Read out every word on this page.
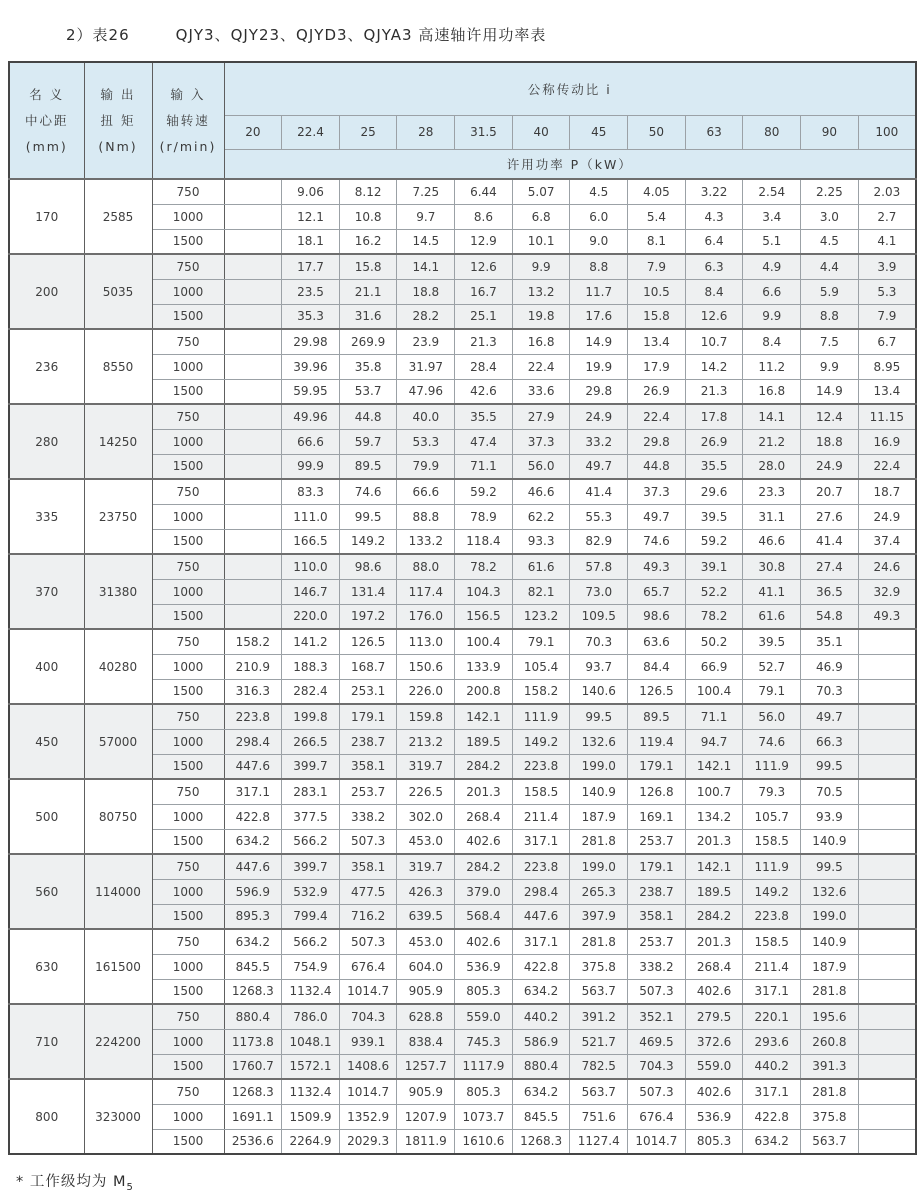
2）表26	QJY3、QJY23、QJYD3、QJYA3 高速轴许用功率表
名 义
中心距
(mm)	输 出
扭 矩
(Nm)	输 入
轴转速
(r/min)	公称传动比 i											
			20	22.4	25	28	31.5	40	45	50	63	80	90	100
			许用功率 P（kW）											
170	2585	750		9.06	8.12	7.25	6.44	5.07	4.5	4.05	3.22	2.54	2.25	2.03
		1000		12.1	10.8	9.7	8.6	6.8	6.0	5.4	4.3	3.4	3.0	2.7
		1500		18.1	16.2	14.5	12.9	10.1	9.0	8.1	6.4	5.1	4.5	4.1
200	5035	750		17.7	15.8	14.1	12.6	9.9	8.8	7.9	6.3	4.9	4.4	3.9
		1000		23.5	21.1	18.8	16.7	13.2	11.7	10.5	8.4	6.6	5.9	5.3
		1500		35.3	31.6	28.2	25.1	19.8	17.6	15.8	12.6	9.9	8.8	7.9
236	8550	750		29.98	269.9	23.9	21.3	16.8	14.9	13.4	10.7	8.4	7.5	6.7
		1000		39.96	35.8	31.97	28.4	22.4	19.9	17.9	14.2	11.2	9.9	8.95
		1500		59.95	53.7	47.96	42.6	33.6	29.8	26.9	21.3	16.8	14.9	13.4
280	14250	750		49.96	44.8	40.0	35.5	27.9	24.9	22.4	17.8	14.1	12.4	11.15
		1000		66.6	59.7	53.3	47.4	37.3	33.2	29.8	26.9	21.2	18.8	16.9
		1500		99.9	89.5	79.9	71.1	56.0	49.7	44.8	35.5	28.0	24.9	22.4
335	23750	750		83.3	74.6	66.6	59.2	46.6	41.4	37.3	29.6	23.3	20.7	18.7
		1000		111.0	99.5	88.8	78.9	62.2	55.3	49.7	39.5	31.1	27.6	24.9
		1500		166.5	149.2	133.2	118.4	93.3	82.9	74.6	59.2	46.6	41.4	37.4
370	31380	750		110.0	98.6	88.0	78.2	61.6	57.8	49.3	39.1	30.8	27.4	24.6
		1000		146.7	131.4	117.4	104.3	82.1	73.0	65.7	52.2	41.1	36.5	32.9
		1500		220.0	197.2	176.0	156.5	123.2	109.5	98.6	78.2	61.6	54.8	49.3
400	40280	750	158.2	141.2	126.5	113.0	100.4	79.1	70.3	63.6	50.2	39.5	35.1	
		1000	210.9	188.3	168.7	150.6	133.9	105.4	93.7	84.4	66.9	52.7	46.9	
		1500	316.3	282.4	253.1	226.0	200.8	158.2	140.6	126.5	100.4	79.1	70.3	
450	57000	750	223.8	199.8	179.1	159.8	142.1	111.9	99.5	89.5	71.1	56.0	49.7	
		1000	298.4	266.5	238.7	213.2	189.5	149.2	132.6	119.4	94.7	74.6	66.3	
		1500	447.6	399.7	358.1	319.7	284.2	223.8	199.0	179.1	142.1	111.9	99.5	
500	80750	750	317.1	283.1	253.7	226.5	201.3	158.5	140.9	126.8	100.7	79.3	70.5	
		1000	422.8	377.5	338.2	302.0	268.4	211.4	187.9	169.1	134.2	105.7	93.9	
		1500	634.2	566.2	507.3	453.0	402.6	317.1	281.8	253.7	201.3	158.5	140.9	
560	114000	750	447.6	399.7	358.1	319.7	284.2	223.8	199.0	179.1	142.1	111.9	99.5	
		1000	596.9	532.9	477.5	426.3	379.0	298.4	265.3	238.7	189.5	149.2	132.6	
		1500	895.3	799.4	716.2	639.5	568.4	447.6	397.9	358.1	284.2	223.8	199.0	
630	161500	750	634.2	566.2	507.3	453.0	402.6	317.1	281.8	253.7	201.3	158.5	140.9	
		1000	845.5	754.9	676.4	604.0	536.9	422.8	375.8	338.2	268.4	211.4	187.9	
		1500	1268.3	1132.4	1014.7	905.9	805.3	634.2	563.7	507.3	402.6	317.1	281.8	
710	224200	750	880.4	786.0	704.3	628.8	559.0	440.2	391.2	352.1	279.5	220.1	195.6	
		1000	1173.8	1048.1	939.1	838.4	745.3	586.9	521.7	469.5	372.6	293.6	260.8	
		1500	1760.7	1572.1	1408.6	1257.7	1117.9	880.4	782.5	704.3	559.0	440.2	391.3	
800	323000	750	1268.3	1132.4	1014.7	905.9	805.3	634.2	563.7	507.3	402.6	317.1	281.8	
		1000	1691.1	1509.9	1352.9	1207.9	1073.7	845.5	751.6	676.4	536.9	422.8	375.8	
		1500	2536.6	2264.9	2029.3	1811.9	1610.6	1268.3	1127.4	1014.7	805.3	634.2	563.7	
* 工作级均为 $M_5$
